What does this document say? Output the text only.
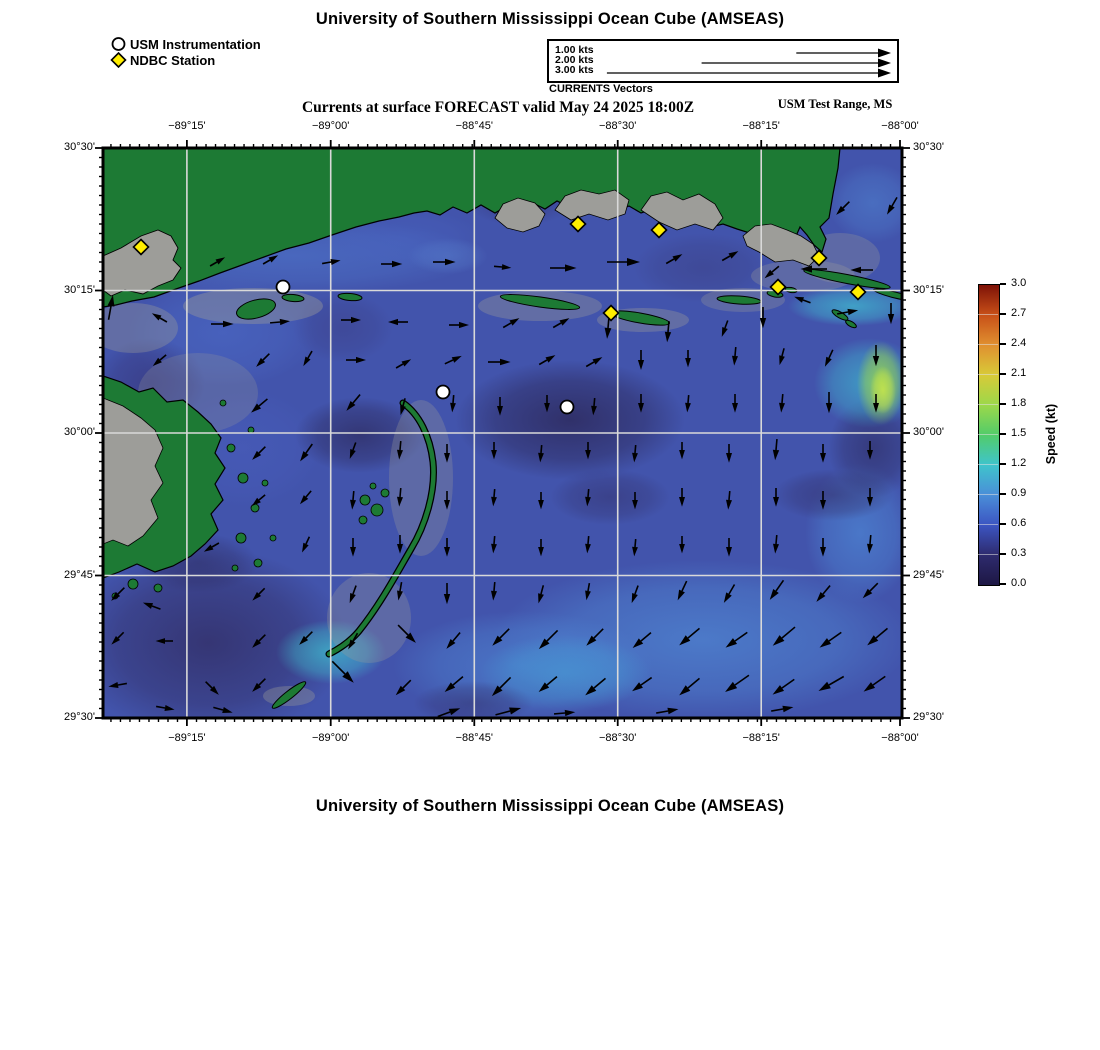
University of Southern Mississippi Ocean Cube (AMSEAS)
USM Instrumentation
NDBC Station
1.00 kts
2.00 kts
3.00 kts
CURRENTS Vectors
Currents at surface FORECAST valid May 24 2025 18:00Z	USM Test Range, MS
−89°15'
−89°15'
−89°00'
−89°00'
−88°45'
−88°45'
−88°30'
−88°30'
−88°15'
−88°15'
−88°00'
−88°00'
30°30'	30°30'
30°15'	30°15'
30°00'	30°00'
29°45'	29°45'
29°30'	29°30'
3.0
2.7
2.4
2.1
1.8
1.5
1.2
0.9
0.6
0.3
0.0
Speed (kt)
University of Southern Mississippi Ocean Cube (AMSEAS)
